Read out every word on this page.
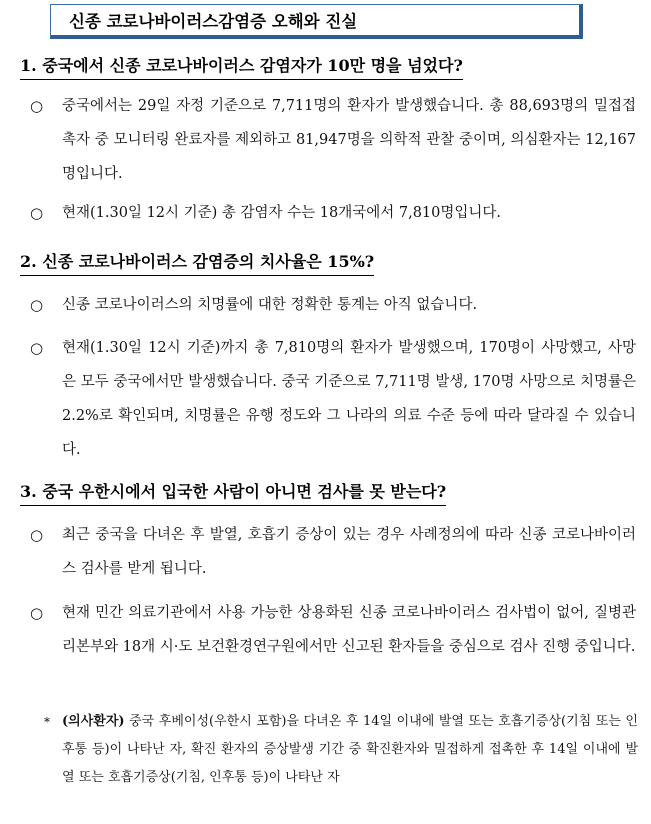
신종 코로나바이러스감염증 오해와 진실
1. 중국에서 신종 코로나바이러스 감염자가 10만 명을 넘었다?
○ 중국에서는 29일 자정 기준으로 7,711명의 환자가 발생했습니다. 총 88,693명의 밀접접촉자 중 모니터링 완료자를 제외하고 81,947명을 의학적 관찰 중이며, 의심환자는 12,167명입니다.
○ 현재(1.30일 12시 기준) 총 감염자 수는 18개국에서 7,810명입니다.
2. 신종 코로나바이러스 감염증의 치사율은 15%?
○ 신종 코로나이러스의 치명률에 대한 정확한 통계는 아직 없습니다.
○ 현재(1.30일 12시 기준)까지 총 7,810명의 환자가 발생했으며, 170명이 사망했고, 사망은 모두 중국에서만 발생했습니다. 중국 기준으로 7,711명 발생, 170명 사망으로 치명률은 2.2%로 확인되며, 치명률은 유행 정도와 그 나라의 의료 수준 등에 따라 달라질 수 있습니다.
3. 중국 우한시에서 입국한 사람이 아니면 검사를 못 받는다?
○ 최근 중국을 다녀온 후 발열, 호흡기 증상이 있는 경우 사례정의에 따라 신종 코로나바이러스 검사를 받게 됩니다.
○ 현재 민간 의료기관에서 사용 가능한 상용화된 신종 코로나바이러스 검사법이 없어, 질병관리본부와 18개 시·도 보건환경연구원에서만 신고된 환자들을 중심으로 검사 진행 중입니다.
* (의사환자) 중국 후베이성(우한시 포함)을 다녀온 후 14일 이내에 발열 또는 호흡기증상(기침 또는 인후통 등)이 나타난 자, 확진 환자의 증상발생 기간 중 확진환자와 밀접하게 접촉한 후 14일 이내에 발열 또는 호흡기증상(기침, 인후통 등)이 나타난 자
